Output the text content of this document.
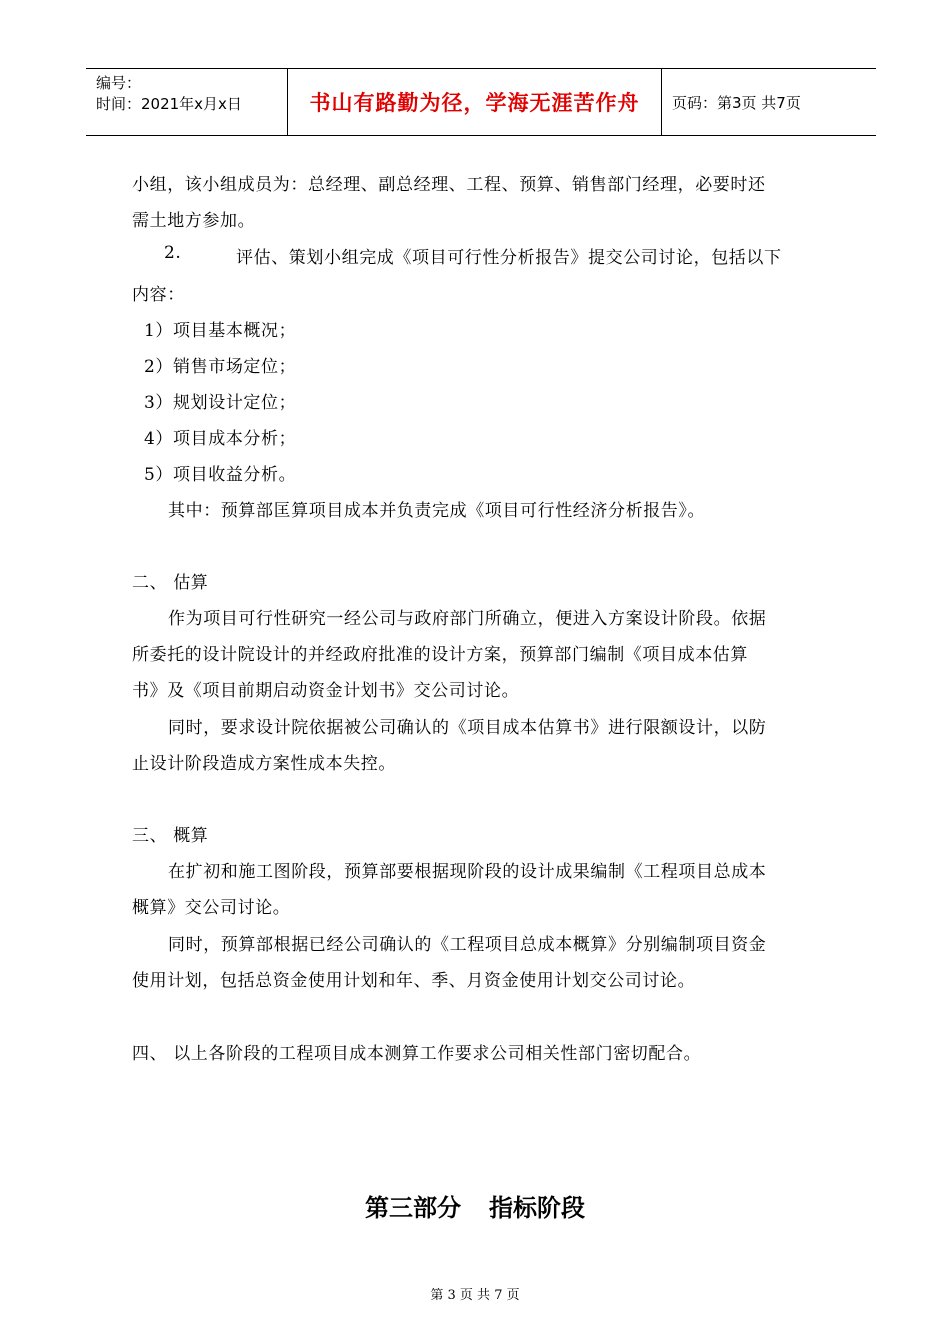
编号：
时间：2021年x月x日	书山有路勤为径，学海无涯苦作舟 页码：第3页 共7页
小组，该小组成员为：总经理、副总经理、工程、预算、销售部门经理，必要时还
需土地方参加。
2.	评估、策划小组完成《项目可行性分析报告》提交公司讨论，包括以下
内容：
1）项目基本概况；
2）销售市场定位；
3）规划设计定位；
4）项目成本分析；
5）项目收益分析。
其中：预算部匡算项目成本并负责完成《项目可行性经济分析报告》。
二、 估算
作为项目可行性研究一经公司与政府部门所确立，便进入方案设计阶段。依据
所委托的设计院设计的并经政府批准的设计方案，预算部门编制《项目成本估算
书》及《项目前期启动资金计划书》交公司讨论。
同时，要求设计院依据被公司确认的《项目成本估算书》进行限额设计，以防
止设计阶段造成方案性成本失控。
三、 概算
在扩初和施工图阶段，预算部要根据现阶段的设计成果编制《工程项目总成本
概算》交公司讨论。
同时，预算部根据已经公司确认的《工程项目总成本概算》分别编制项目资金
使用计划，包括总资金使用计划和年、季、月资金使用计划交公司讨论。
四、 以上各阶段的工程项目成本测算工作要求公司相关性部门密切配合。
第三部分 指标阶段
第 3 页 共 7 页
